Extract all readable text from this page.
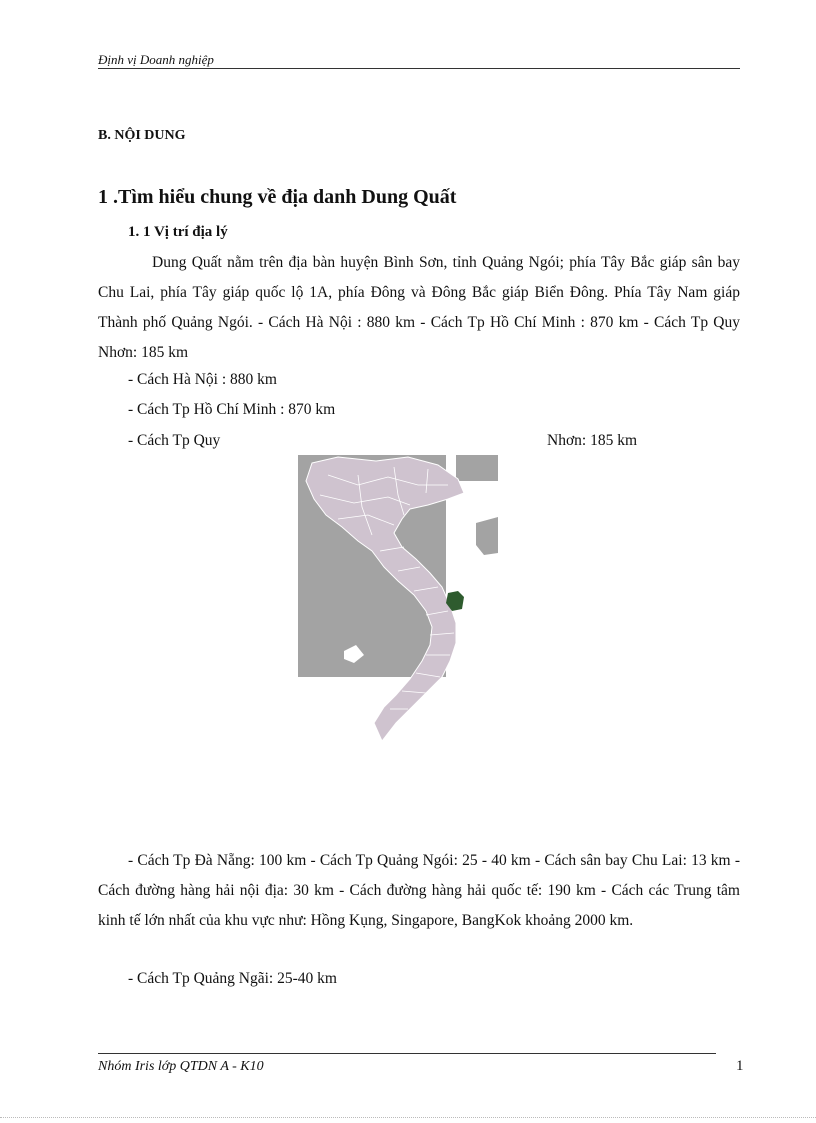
Định vị Doanh nghiệp
B. NỘI DUNG
1 .Tìm hiểu chung về địa danh Dung Quất
1. 1 Vị trí địa lý

Dung Quất nằm trên địa bàn huyện Bình Sơn, tỉnh Quảng Ngói; phía Tây Bắc giáp sân bay Chu Lai, phía Tây giáp quốc lộ 1A, phía Đông và Đông Bắc giáp Biển Đông. Phía Tây Nam giáp Thành phố Quảng Ngói. - Cách Hà Nội : 880 km - Cách Tp Hồ Chí Minh : 870 km - Cách Tp Quy Nhơn: 185 km

- Cách Hà Nội : 880 km
- Cách Tp Hồ Chí Minh : 870 km
- Cách Tp Quy	Nhơn: 185 km

- Cách Tp Đà Nẵng: 100 km - Cách Tp Quảng Ngói: 25 - 40 km - Cách sân bay Chu Lai: 13 km - Cách đường hàng hải nội địa: 30 km - Cách đường hàng hải quốc tế: 190 km - Cách các Trung tâm kinh tế lớn nhất của khu vực như: Hồng Kụng, Singapore, BangKok khoảng 2000 km.

- Cách Tp Quảng Ngãi: 25-40 km
Nhóm Iris lớp QTDN A - K10	1
